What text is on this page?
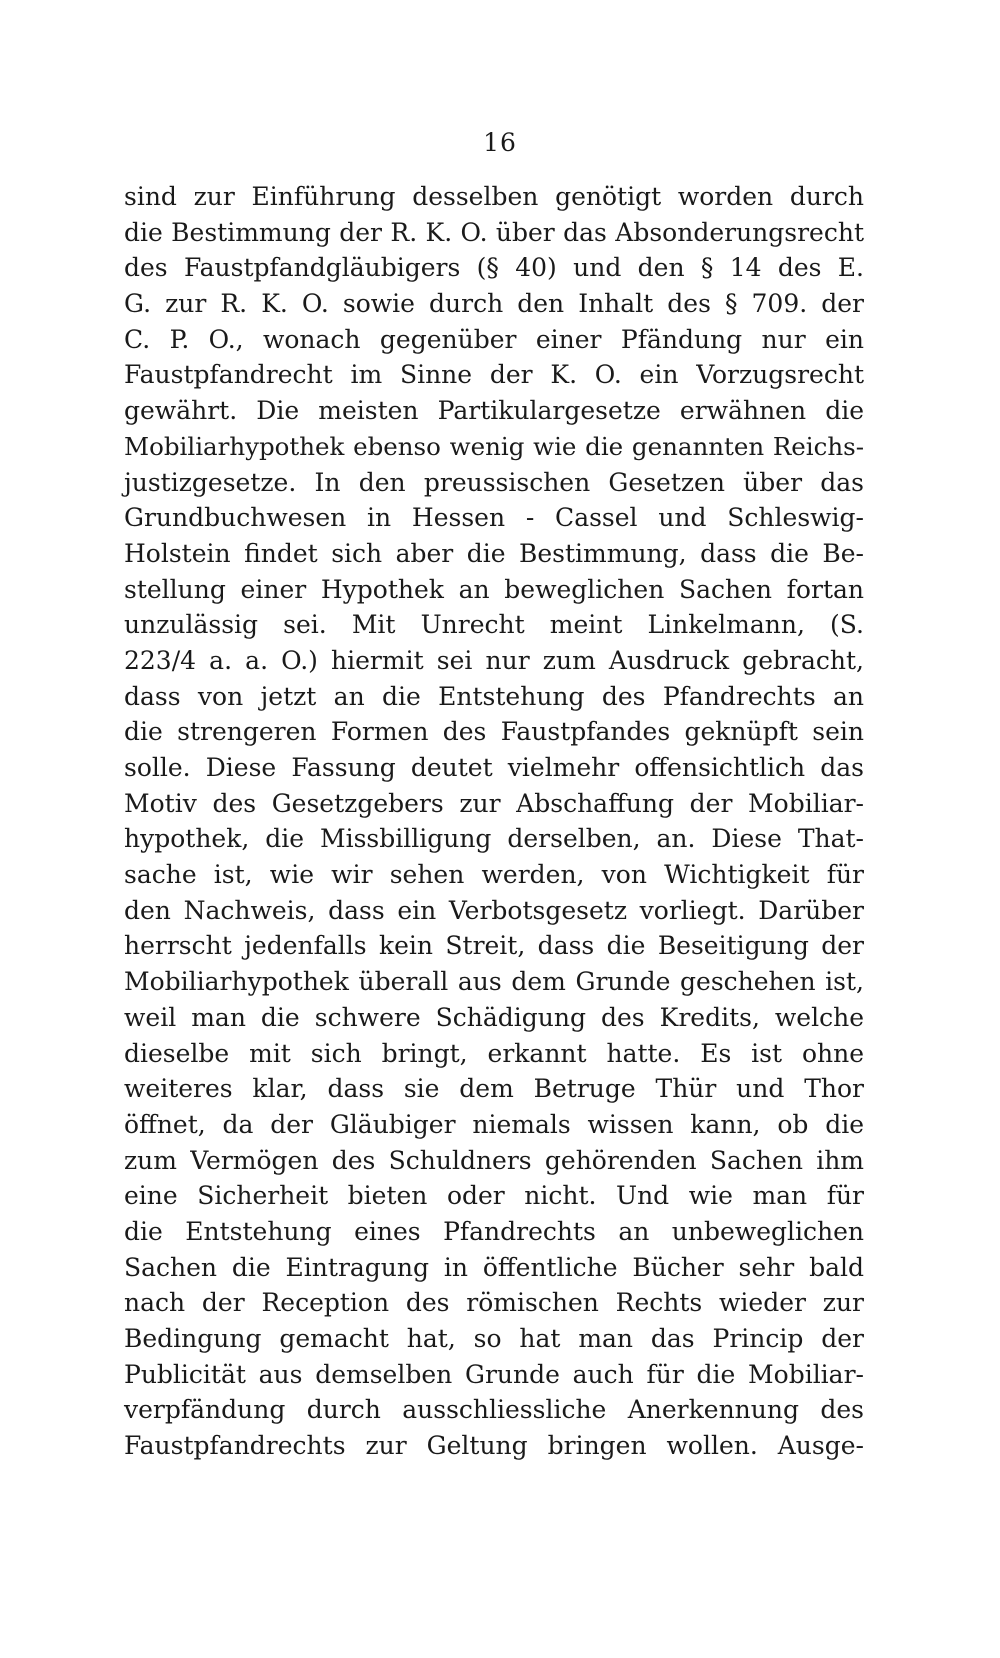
16
sind zur Einführung desselben genötigt worden durch
die Bestimmung der R. K. O. über das Absonderungsrecht
des Faustpfandgläubigers (§ 40) und den § 14 des E.
G. zur R. K. O. sowie durch den Inhalt des § 709. der
C. P. O., wonach gegenüber einer Pfändung nur ein
Faustpfandrecht im Sinne der K. O. ein Vorzugsrecht
gewährt. Die meisten Partikulargesetze erwähnen die
Mobiliarhypothek ebenso wenig wie die genannten Reichs-
justizgesetze. In den preussischen Gesetzen über das
Grundbuchwesen in Hessen - Cassel und Schleswig-
Holstein findet sich aber die Bestimmung, dass die Be-
stellung einer Hypothek an beweglichen Sachen fortan
unzulässig sei. Mit Unrecht meint Linkelmann, (S.
223/4 a. a. O.) hiermit sei nur zum Ausdruck gebracht,
dass von jetzt an die Entstehung des Pfandrechts an
die strengeren Formen des Faustpfandes geknüpft sein
solle. Diese Fassung deutet vielmehr offensichtlich das
Motiv des Gesetzgebers zur Abschaffung der Mobiliar-
hypothek, die Missbilligung derselben, an. Diese That-
sache ist, wie wir sehen werden, von Wichtigkeit für
den Nachweis, dass ein Verbotsgesetz vorliegt. Darüber
herrscht jedenfalls kein Streit, dass die Beseitigung der
Mobiliarhypothek überall aus dem Grunde geschehen ist,
weil man die schwere Schädigung des Kredits, welche
dieselbe mit sich bringt, erkannt hatte. Es ist ohne
weiteres klar, dass sie dem Betruge Thür und Thor
öffnet, da der Gläubiger niemals wissen kann, ob die
zum Vermögen des Schuldners gehörenden Sachen ihm
eine Sicherheit bieten oder nicht. Und wie man für
die Entstehung eines Pfandrechts an unbeweglichen
Sachen die Eintragung in öffentliche Bücher sehr bald
nach der Reception des römischen Rechts wieder zur
Bedingung gemacht hat, so hat man das Princip der
Publicität aus demselben Grunde auch für die Mobiliar-
verpfändung durch ausschliessliche Anerkennung des
Faustpfandrechts zur Geltung bringen wollen. Ausge-
